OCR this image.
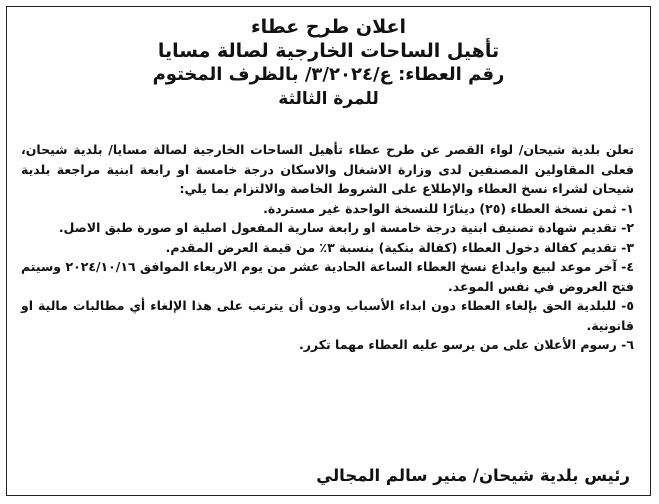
اعلان طرح عطاء
تأهيل الساحات الخارجية لصالة مسايا
رقم العطاء: ع/٣/٢٠٢٤/ بالظرف المختوم
للمرة الثالثة

تعلن بلدية شيحان/ لواء القصر عن طرح عطاء تأهيل الساحات الخارجية لصالة مسايا/ بلدية شيحان، فعلى المقاولين المصنفين لدى وزارة الاشغال والاسكان درجة خامسة او رابعة ابنية مراجعة بلدية شيحان لشراء نسخ العطاء والإطلاع على الشروط الخاصة والالتزام بما يلي:

١- ثمن نسخة العطاء (٢٥) دينارًا للنسخة الواحدة غير مستردة.

٢- تقديم شهادة تصنيف ابنية درجة خامسة او رابعة سارية المفعول اصلية او صورة طبق الاصل.

٣- تقديم كفالة دخول العطاء (كفالة بنكية) بنسبة ٣٪ من قيمة العرض المقدم.

٤- آخر موعد لبيع وايداع نسخ العطاء الساعة الحادية عشر من يوم الاربعاء الموافق ٢٠٢٤/١٠/١٦ وسيتم فتح العروض في نفس الموعد.

٥- للبلدية الحق بإلغاء العطاء دون ابداء الأسباب ودون أن يترتب على هذا الإلغاء أي مطالبات مالية او قانونية.

٦- رسوم الأعلان على من يرسو عليه العطاء مهما تكرر.

رئيس بلدية شيحان/ منير سالم المجالي
